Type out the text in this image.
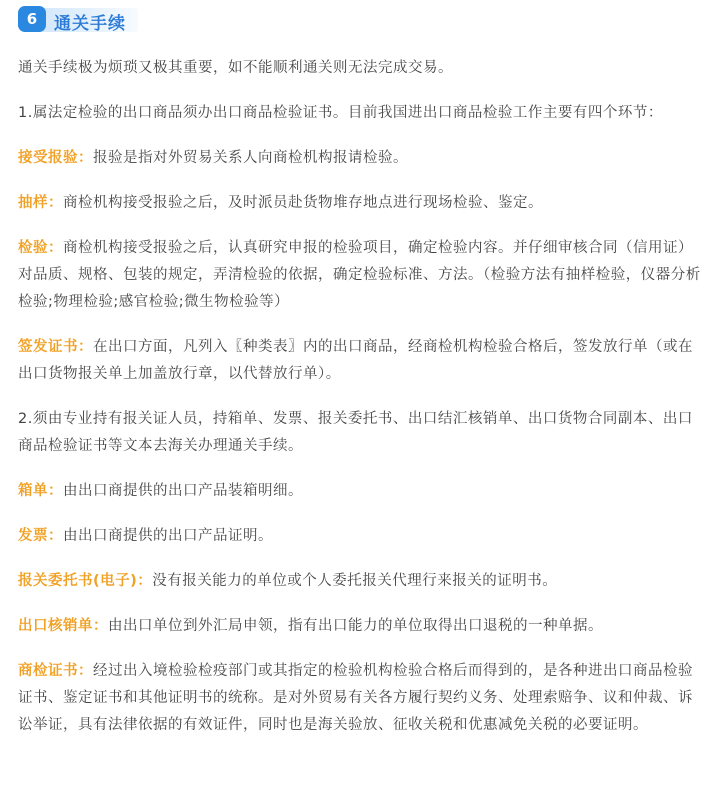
6 通关手续

通关手续极为烦琐又极其重要，如不能顺利通关则无法完成交易。

1.属法定检验的出口商品须办出口商品检验证书。目前我国进出口商品检验工作主要有四个环节：

接受报验：报验是指对外贸易关系人向商检机构报请检验。

抽样：商检机构接受报验之后，及时派员赴货物堆存地点进行现场检验、鉴定。

检验：商检机构接受报验之后，认真研究申报的检验项目，确定检验内容。并仔细审核合同（信用证）对品质、规格、包装的规定，弄清检验的依据，确定检验标准、方法。（检验方法有抽样检验，仪器分析检验;物理检验;感官检验;微生物检验等）

签发证书：在出口方面，凡列入〖种类表〗内的出口商品，经商检机构检验合格后，签发放行单（或在出口货物报关单上加盖放行章，以代替放行单）。

2.须由专业持有报关证人员，持箱单、发票、报关委托书、出口结汇核销单、出口货物合同副本、出口商品检验证书等文本去海关办理通关手续。

箱单：由出口商提供的出口产品装箱明细。

发票：由出口商提供的出口产品证明。

报关委托书(电子)：没有报关能力的单位或个人委托报关代理行来报关的证明书。

出口核销单：由出口单位到外汇局申领，指有出口能力的单位取得出口退税的一种单据。

商检证书：经过出入境检验检疫部门或其指定的检验机构检验合格后而得到的，是各种进出口商品检验证书、鉴定证书和其他证明书的统称。是对外贸易有关各方履行契约义务、处理索赔争、议和仲裁、诉讼举证，具有法律依据的有效证件，同时也是海关验放、征收关税和优惠减免关税的必要证明。
